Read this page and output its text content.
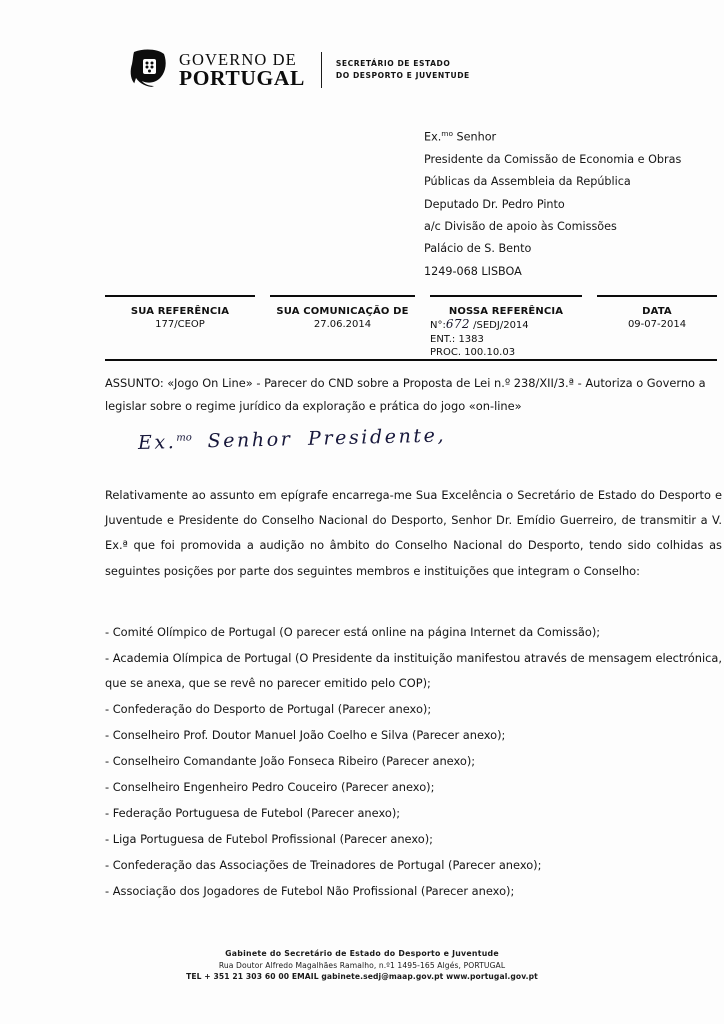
GOVERNO DE
PORTUGAL
SECRETÁRIO DE ESTADO
DO DESPORTO E JUVENTUDE
Ex.$^{mo}$ Senhor
Presidente da Comissão de Economia e Obras
Públicas da Assembleia da República
Deputado Dr. Pedro Pinto
a/c Divisão de apoio às Comissões
Palácio de S. Bento
1249-068 LISBOA
SUA REFERÊNCIA
177/CEOP
SUA COMUNICAÇÃO DE
27.06.2014
NOSSA REFERÊNCIA
N°:672 /SEDJ/2014
ENT.: 1383
PROC. 100.10.03
DATA
09-07-2014
ASSUNTO: «Jogo On Line» - Parecer do CND sobre a Proposta de Lei n.º 238/XII/3.ª - Autoriza o Governo a legislar sobre o regime jurídico da exploração e prática do jogo «on-line»
Ex.$^{mo}$ Senhor Presidente,
Relativamente ao assunto em epígrafe encarrega-me Sua Excelência o Secretário de Estado do Desporto e Juventude e Presidente do Conselho Nacional do Desporto, Senhor Dr. Emídio Guerreiro, de transmitir a V. Ex.ª que foi promovida a audição no âmbito do Conselho Nacional do Desporto, tendo sido colhidas as seguintes posições por parte dos seguintes membros e instituições que integram o Conselho:
- Comité Olímpico de Portugal (O parecer está online na página Internet da Comissão);
- Academia Olímpica de Portugal (O Presidente da instituição manifestou através de mensagem electrónica, que se anexa, que se revê no parecer emitido pelo COP);
- Confederação do Desporto de Portugal (Parecer anexo);
- Conselheiro Prof. Doutor Manuel João Coelho e Silva (Parecer anexo);
- Conselheiro Comandante João Fonseca Ribeiro (Parecer anexo);
- Conselheiro Engenheiro Pedro Couceiro (Parecer anexo);
- Federação Portuguesa de Futebol (Parecer anexo);
- Liga Portuguesa de Futebol Profissional (Parecer anexo);
- Confederação das Associações de Treinadores de Portugal (Parecer anexo);
- Associação dos Jogadores de Futebol Não Profissional (Parecer anexo);
Gabinete do Secretário de Estado do Desporto e Juventude
Rua Doutor Alfredo Magalhães Ramalho, n.º1 1495-165 Algés, PORTUGAL
TEL + 351 21 303 60 00 EMAIL gabinete.sedj@maap.gov.pt www.portugal.gov.pt
